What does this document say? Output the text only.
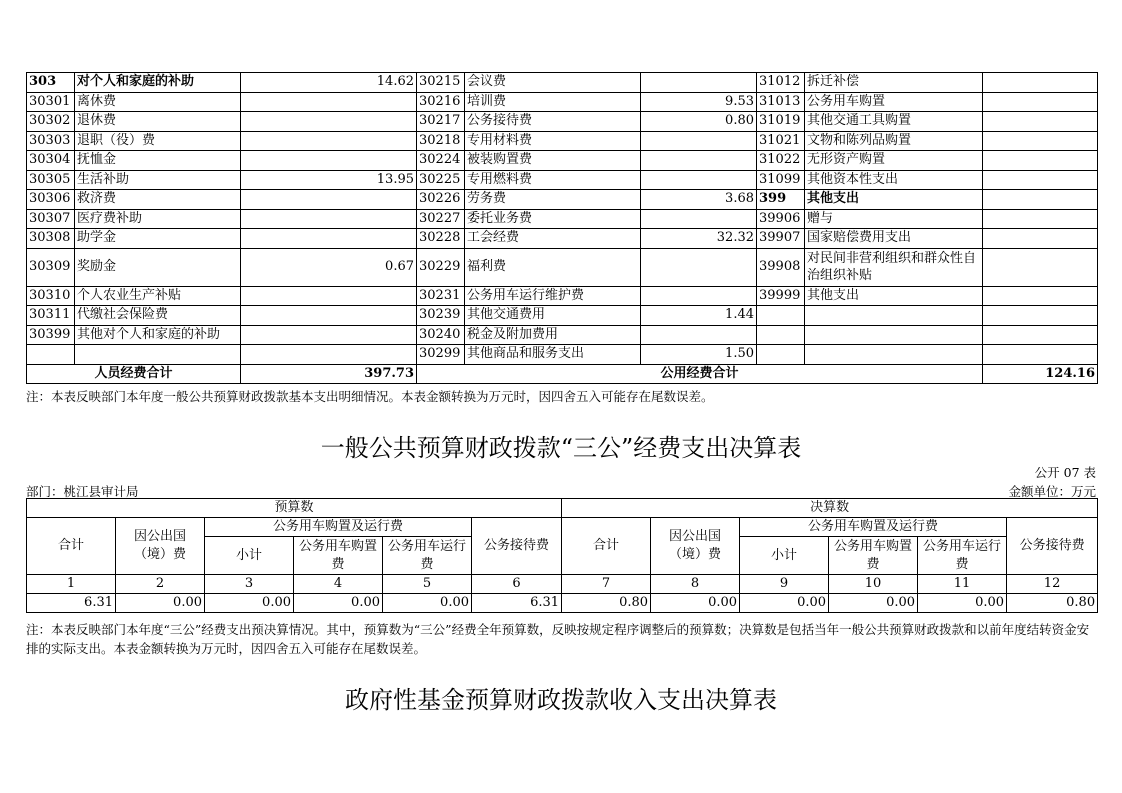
303	对个人和家庭的补助	14.62	30215	会议费		31012	拆迁补偿	
30301	离休费		30216	培训费	9.53	31013	公务用车购置	
30302	退休费		30217	公务接待费	0.80	31019	其他交通工具购置	
30303	退职（役）费		30218	专用材料费		31021	文物和陈列品购置	
30304	抚恤金		30224	被装购置费		31022	无形资产购置	
30305	生活补助	13.95	30225	专用燃料费		31099	其他资本性支出	
30306	救济费		30226	劳务费	3.68	399	其他支出	
30307	医疗费补助		30227	委托业务费		39906	赠与	
30308	助学金		30228	工会经费	32.32	39907	国家赔偿费用支出	
30309	奖励金	0.67	30229	福利费		39908	对民间非营利组织和群众性自治组织补贴	
30310	个人农业生产补贴		30231	公务用车运行维护费		39999	其他支出	
30311	代缴社会保险费		30239	其他交通费用	1.44			
30399	其他对个人和家庭的补助		30240	税金及附加费用				
			30299	其他商品和服务支出	1.50			
人员经费合计		397.73	公用经费合计					124.16
注：本表反映部门本年度一般公共预算财政拨款基本支出明细情况。本表金额转换为万元时，因四舍五入可能存在尾数误差。
一般公共预算财政拨款“三公”经费支出决算表
公开 07 表
部门：桃江县审计局	金额单位：万元
预算数						决算数					
合计	因公出国（境）费	公务用车购置及运行费			公务接待费	合计	因公出国（境）费	公务用车购置及运行费			公务接待费
		小计	公务用车购置费	公务用车运行费				小计	公务用车购置费	公务用车运行费	
1	2	3	4	5	6	7	8	9	10	11	12
6.31	0.00	0.00	0.00	0.00	6.31	0.80	0.00	0.00	0.00	0.00	0.80
注：本表反映部门本年度“三公”经费支出预决算情况。其中，预算数为“三公”经费全年预算数，反映按规定程序调整后的预算数；决算数是包括当年一般公共预算财政拨款和以前年度结转资金安排的实际支出。本表金额转换为万元时，因四舍五入可能存在尾数误差。
政府性基金预算财政拨款收入支出决算表
